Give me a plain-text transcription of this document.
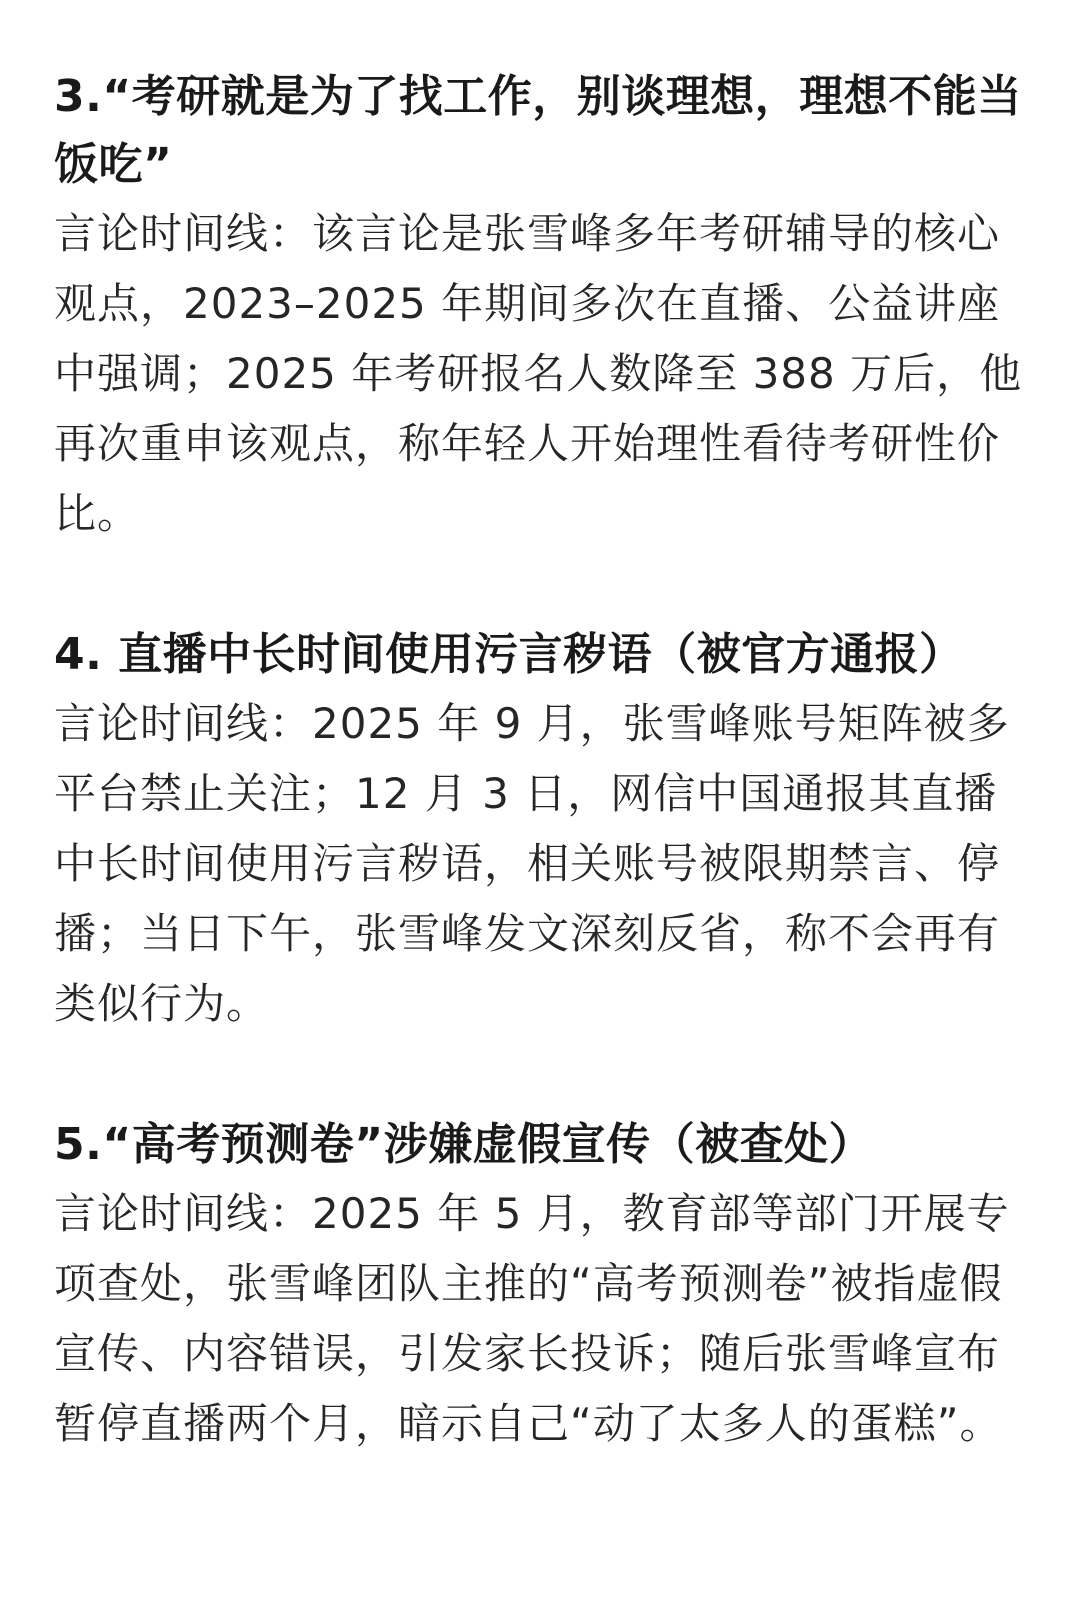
3.“考研就是为了找工作，别谈理想，理想不能当饭吃”

言论时间线：该言论是张雪峰多年考研辅导的核心观点，2023–2025 年期间多次在直播、公益讲座中强调；2025 年考研报名人数降至 388 万后，他再次重申该观点，称年轻人开始理性看待考研性价比。

4. 直播中长时间使用污言秽语（被官方通报）

言论时间线：2025 年 9 月，张雪峰账号矩阵被多平台禁止关注；12 月 3 日，网信中国通报其直播中长时间使用污言秽语，相关账号被限期禁言、停播；当日下午，张雪峰发文深刻反省，称不会再有类似行为。

5.“高考预测卷”涉嫌虚假宣传（被查处）

言论时间线：2025 年 5 月，教育部等部门开展专项查处，张雪峰团队主推的“高考预测卷”被指虚假宣传、内容错误，引发家长投诉；随后张雪峰宣布暂停直播两个月，暗示自己“动了太多人的蛋糕”。
